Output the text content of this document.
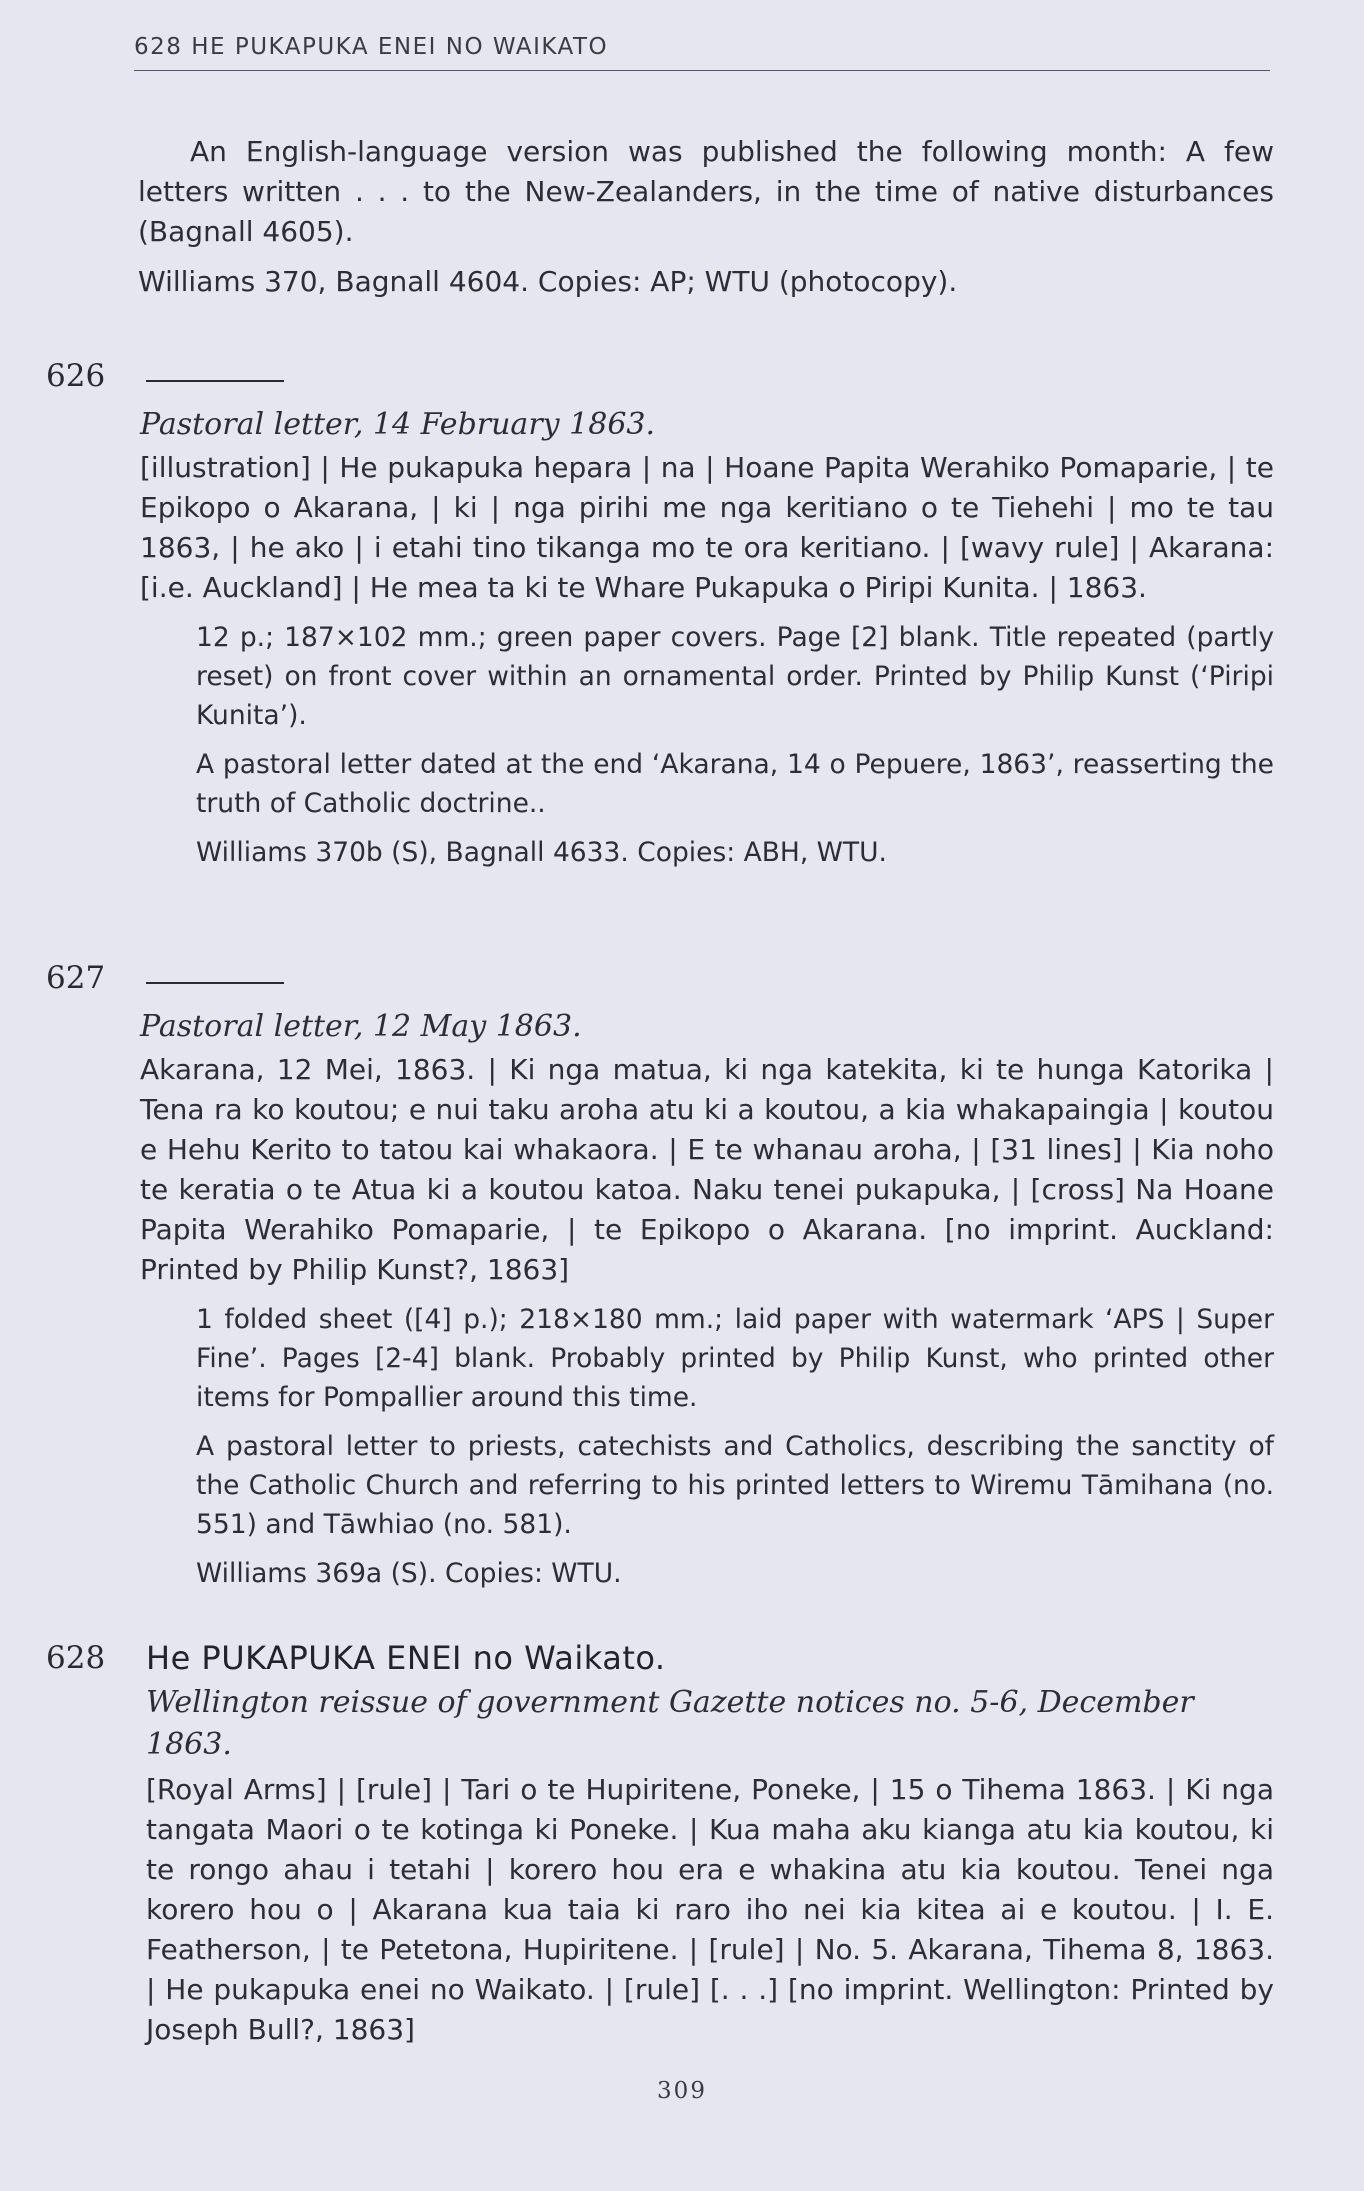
628 HE PUKAPUKA ENEI NO WAIKATO

An English-language version was published the following month: A few letters written . . . to the New-Zealanders, in the time of native disturbances (Bagnall 4605).

Williams 370, Bagnall 4604. Copies: AP; WTU (photocopy).

626

Pastoral letter, 14 February 1863.

[illustration] | He pukapuka hepara | na | Hoane Papita Werahiko Pomaparie, | te Epikopo o Akarana, | ki | nga pirihi me nga keritiano o te Tiehehi | mo te tau 1863, | he ako | i etahi tino tikanga mo te ora keritiano. | [wavy rule] | Akarana: [i.e. Auckland] | He mea ta ki te Whare Pukapuka o Piripi Kunita. | 1863.

12 p.; 187×102 mm.; green paper covers. Page [2] blank. Title repeated (partly reset) on front cover within an ornamental order. Printed by Philip Kunst (‘Piripi Kunita’).

A pastoral letter dated at the end ‘Akarana, 14 o Pepuere, 1863’, reasserting the truth of Catholic doctrine..

Williams 370b (S), Bagnall 4633. Copies: ABH, WTU.

627

Pastoral letter, 12 May 1863.

Akarana, 12 Mei, 1863. | Ki nga matua, ki nga katekita, ki te hunga Katorika | Tena ra ko koutou; e nui taku aroha atu ki a koutou, a kia whakapaingia | koutou e Hehu Kerito to tatou kai whakaora. | E te whanau aroha, | [31 lines] | Kia noho te keratia o te Atua ki a koutou katoa. Naku tenei pukapuka, | [cross] Na Hoane Papita Werahiko Pomaparie, | te Epikopo o Akarana. [no imprint. Auckland: Printed by Philip Kunst?, 1863]

1 folded sheet ([4] p.); 218×180 mm.; laid paper with watermark ‘APS | Super Fine’. Pages [2-4] blank. Probably printed by Philip Kunst, who printed other items for Pompallier around this time.

A pastoral letter to priests, catechists and Catholics, describing the sanctity of the Catholic Church and referring to his printed letters to Wiremu Tāmihana (no. 551) and Tāwhiao (no. 581).

Williams 369a (S). Copies: WTU.

628 He PUKAPUKA ENEI no Waikato.

Wellington reissue of government Gazette notices no. 5-6, December 1863.

[Royal Arms] | [rule] | Tari o te Hupiritene, Poneke, | 15 o Tihema 1863. | Ki nga tangata Maori o te kotinga ki Poneke. | Kua maha aku kianga atu kia koutou, ki te rongo ahau i tetahi | korero hou era e whakina atu kia koutou. Tenei nga korero hou o | Akarana kua taia ki raro iho nei kia kitea ai e koutou. | I. E. Featherson, | te Petetona, Hupiritene. | [rule] | No. 5. Akarana, Tihema 8, 1863. | He pukapuka enei no Waikato. | [rule] [. . .] [no imprint. Wellington: Printed by Joseph Bull?, 1863]

309
